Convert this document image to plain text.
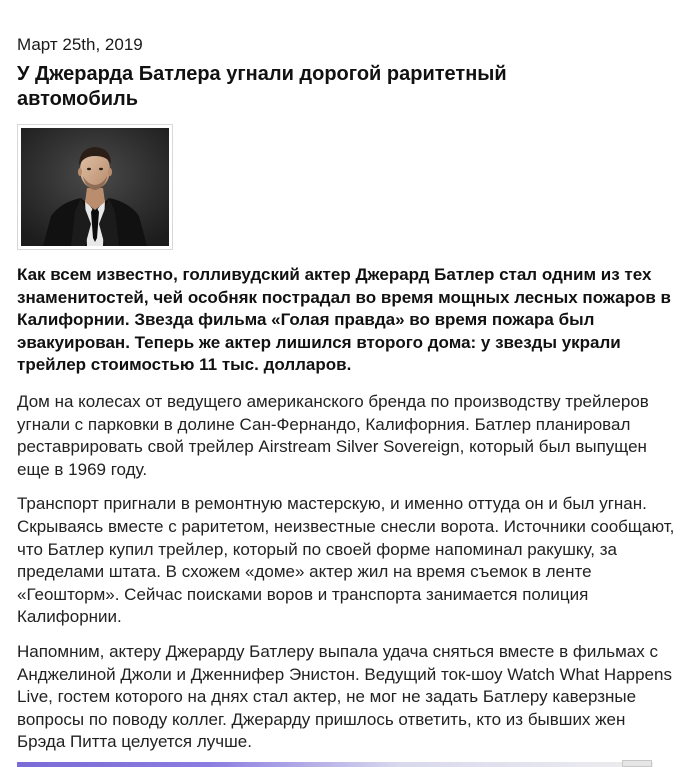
Март 25th, 2019

У Джерарда Батлера угнали дорогой раритетный автомобиль

Как всем известно, голливудский актер Джерард Батлер стал одним из тех знаменитостей, чей особняк пострадал во время мощных лесных пожаров в Калифорнии. Звезда фильма «Голая правда» во время пожара был эвакуирован. Теперь же актер лишился второго дома: у звезды украли трейлер стоимостью 11 тыс. долларов.

Дом на колесах от ведущего американского бренда по производству трейлеров угнали с парковки в долине Сан-Фернандо, Калифорния. Батлер планировал реставрировать свой трейлер Airstream Silver Sovereign, который был выпущен еще в 1969 году.

Транспорт пригнали в ремонтную мастерскую, и именно оттуда он и был угнан. Скрываясь вместе с раритетом, неизвестные снесли ворота. Источники сообщают, что Батлер купил трейлер, который по своей форме напоминал ракушку, за пределами штата. В схожем «доме» актер жил на время съемок в ленте «Геошторм». Сейчас поисками воров и транспорта занимается полиция Калифорнии.

Напомним, актеру Джерарду Батлеру выпала удача сняться вместе в фильмах с Анджелиной Джоли и Дженнифер Энистон. Ведущий ток-шоу Watch What Happens Live, гостем которого на днях стал актер, не мог не задать Батлеру каверзные вопросы по поводу коллег. Джерарду пришлось ответить, кто из бывших жен Брэда Питта целуется лучше.
